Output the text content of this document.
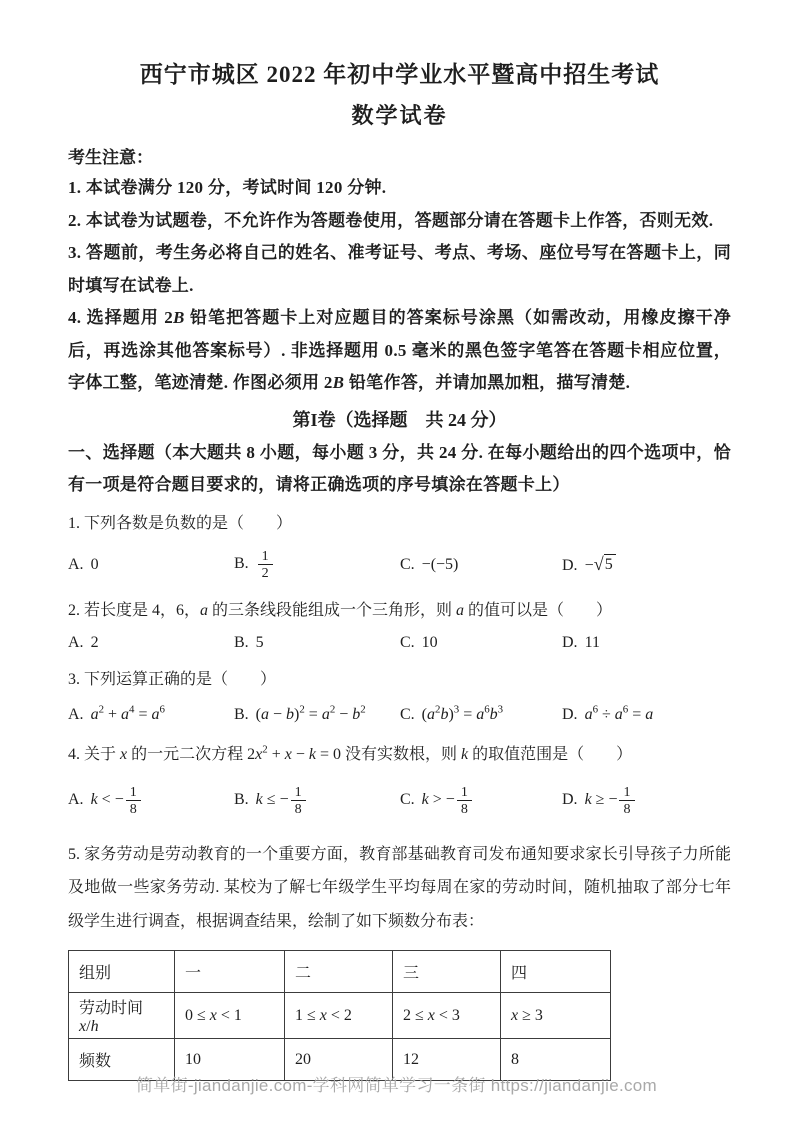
西宁市城区 2022 年初中学业水平暨高中招生考试
数学试卷

考生注意：

1. 本试卷满分 120 分，考试时间 120 分钟.

2. 本试卷为试题卷，不允许作为答题卷使用，答题部分请在答题卡上作答，否则无效.

3. 答题前，考生务必将自己的姓名、准考证号、考点、考场、座位号写在答题卡上，同时填写在试卷上.

4. 选择题用 2B 铅笔把答题卡上对应题目的答案标号涂黑（如需改动，用橡皮擦干净后，再选涂其他答案标号）. 非选择题用 0.5 毫米的黑色签字笔答在答题卡相应位置，字体工整，笔迹清楚. 作图必须用 2B 铅笔作答，并请加黑加粗，描写清楚.

第I卷（选择题　共 24 分）

一、选择题（本大题共 8 小题，每小题 3 分，共 24 分. 在每小题给出的四个选项中，恰有一项是符合题目要求的，请将正确选项的序号填涂在答题卡上）

1. 下列各数是负数的是（　　）

A. 0	B. $\frac{1}{2}$	C. −(−5)	D. − √ 5

2. 若长度是 4，6，a 的三条线段能组成一个三角形，则 a 的值可以是（　　）

A. 2	B. 5	C. 10	D. 11

3. 下列运算正确的是（　　）

A. $a^2 + a^4 = a^6$	B. $(a - b)^2 = a^2 - b^2$	C. $(a^2b)^3 = a^6b^3$	D. $a^6 \div a^6 = a$

4. 关于 x 的一元二次方程 $2x^2 + x - k = 0$ 没有实数根，则 k 的取值范围是（　　）

A. k < − $\frac{1}{8}$	B. k ≤ − $\frac{1}{8}$	C. k > − $\frac{1}{8}$	D. k ≥ − $\frac{1}{8}$

5. 家务劳动是劳动教育的一个重要方面，教育部基础教育司发布通知要求家长引导孩子力所能及地做一些家务劳动. 某校为了解七年级学生平均每周在家的劳动时间，随机抽取了部分七年级学生进行调查，根据调查结果，绘制了如下频数分布表：

组别	一	二	三	四
劳动时间 x/h	0 ≤ x < 1	1 ≤ x < 2	2 ≤ x < 3	x ≥ 3
频数	10	20	12	8
简单街-jiandanjie.com-学科网简单学习一条街 https://jiandanjie.com
